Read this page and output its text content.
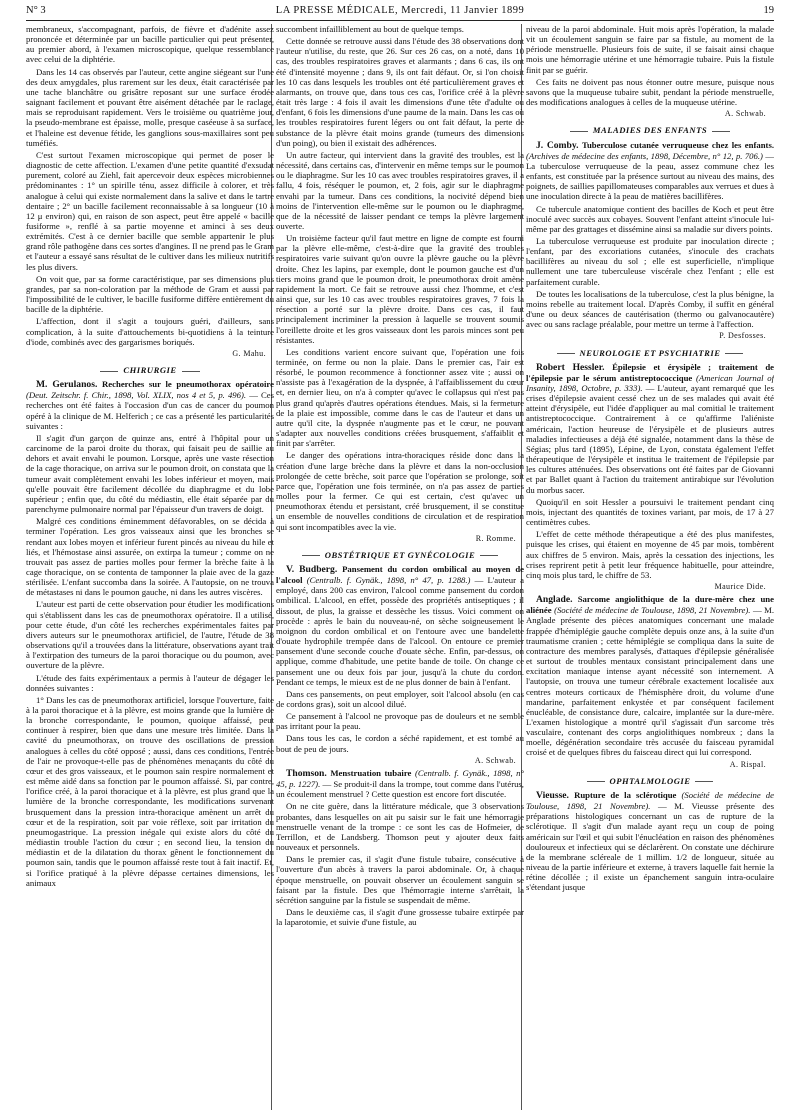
N° 3	LA PRESSE MÉDICALE, Mercredi, 11 Janvier 1899	19

membraneux, s'accompagnant, parfois, de fièvre et d'adénite assez prononcée et déterminée par un bacille particulier qui peut présenter, au premier abord, à l'examen microscopique, quelque ressemblance avec celui de la diphtérie.

Dans les 14 cas observés par l'auteur, cette angine siégeant sur l'une des deux amygdales, plus rarement sur les deux, était caractérisée par une tache blanchâtre ou grisâtre reposant sur une surface érodée saignant facilement et pouvant être aisément détachée par le raclage, mais se reproduisant rapidement. Vers le troisième ou quatrième jour, la pseudo-membrane est épaisse, molle, presque caséeuse à sa surface, et l'haleine est devenue fétide, les ganglions sous-maxillaires sont peu tuméfiés.

C'est surtout l'examen microscopique qui permet de poser le diagnostic de cette affection. L'examen d'une petite quantité d'exsudat purement, coloré au Ziehl, fait apercevoir deux espèces microbiennes prédominantes : 1° un spirille ténu, assez difficile à colorer, et très analogue à celui qui existe normalement dans la salive et dans le tartre dentaire ; 2° un bacille facilement reconnaissable à sa longueur (10 à 12 μ environ) qui, en raison de son aspect, peut être appelé « bacille fusiforme », renflé à sa partie moyenne et aminci à ses deux extrémités. C'est à ce dernier bacille que semble appartenir le plus grand rôle pathogène dans ces sortes d'angines. Il ne prend pas le Gram et l'auteur a essayé sans résultat de le cultiver dans les milieux nutritifs les plus divers.

On voit que, par sa forme caractéristique, par ses dimensions plus grandes, par sa non-coloration par la méthode de Gram et aussi par l'impossibilité de le cultiver, le bacille fusiforme diffère entièrement du bacille de la diphtérie.

L'affection, dont il s'agit a toujours guéri, d'ailleurs, sans complication, à la suite d'attouchements bi-quotidiens à la teinture d'iode, combinés avec des gargarismes boriqués.

G. Mahu.
CHIRURGIE

M. Gerulanos. Recherches sur le pneumothorax opératoire (Deut. Zeitschr. f. Chir., 1898, Vol. XLIX, nos 4 et 5, p. 496). — Ces recherches ont été faites à l'occasion d'un cas de cancer du poumon opéré à la clinique de M. Helferich ; ce cas a présenté les particularités suivantes :

Il s'agit d'un garçon de quinze ans, entré à l'hôpital pour un carcinome de la paroi droite du thorax, qui faisait peu de saillie au dehors et avait envahi le poumon. Lorsque, après une vaste résection de la cage thoracique, on arriva sur le poumon droit, on constata que la tumeur avait complètement envahi les lobes inférieur et moyen, mais qu'elle pouvait être facilement décollée du diaphragme et du lobe supérieur ; enfin que, du côté du médiastin, elle était séparée par du parenchyme pulmonaire normal par l'épaisseur d'un travers de doigt.

Malgré ces conditions éminemment défavorables, on se décida à terminer l'opération. Les gros vaisseaux ainsi que les bronches se rendant aux lobes moyen et inférieur furent pincés au niveau du hile et liés, et l'hémostase ainsi assurée, on extirpa la tumeur ; comme on ne trouvait pas assez de parties molles pour fermer la brèche faite à la cage thoracique, on se contenta de tamponner la plaie avec de la gaze stérilisée. L'enfant succomba dans la soirée. A l'autopsie, on ne trouva de métastases ni dans le poumon gauche, ni dans les autres viscères.

L'auteur est parti de cette observation pour étudier les modifications qui s'établissent dans les cas de pneumothorax opératoire. Il a utilisé, pour cette étude, d'un côté les recherches expérimentales faites par divers auteurs sur le pneumothorax artificiel, de l'autre, l'étude de 38 observations qu'il a trouvées dans la littérature, observations ayant trait à l'extirpation des tumeurs de la paroi thoracique ou du poumon, avec ouverture de la plèvre.

L'étude des faits expérimentaux a permis à l'auteur de dégager les données suivantes :

1° Dans les cas de pneumothorax artificiel, lorsque l'ouverture, faite à la paroi thoracique et à la plèvre, est moins grande que la lumière de la bronche correspondante, le poumon, quoique affaissé, peut continuer à respirer, bien que dans une mesure très limitée. Dans la cavité du pneumothorax, on trouve des oscillations de pression analogues à celles du côté opposé ; aussi, dans ces conditions, l'entrée de l'air ne provoque-t-elle pas de phénomènes menaçants du côté du cœur et des gros vaisseaux, et le poumon sain respire normalement et est même aidé dans sa fonction par le poumon affaissé. Si, par contre, l'orifice créé, à la paroi thoracique et à la plèvre, est plus grand que la lumière de la bronche correspondante, les modifications survenant brusquement dans la pression intra-thoracique amènent un arrêt du cœur et de la respiration, soit par voie réflexe, soit par irritation du pneumogastrique. La pression inégale qui existe alors du côté du médiastin trouble l'action du cœur ; en second lieu, la tension du médiastin et de la dilatation du thorax gênent le fonctionnement du poumon sain, tandis que le poumon affaissé reste tout à fait inactif. Et, si l'orifice pratiqué à la plèvre dépasse certaines dimensions, les animaux

succombent infailliblement au bout de quelque temps.

Cette donnée se retrouve aussi dans l'étude des 38 observations dont l'auteur n'utilise, du reste, que 26. Sur ces 26 cas, on a noté, dans 10 cas, des troubles respiratoires graves et alarmants ; dans 6 cas, ils ont été d'intensité moyenne ; dans 9, ils ont fait défaut. Or, si l'on choisit les 10 cas dans lesquels les troubles ont été particulièrement graves et alarmants, on trouve que, dans tous ces cas, l'orifice créé à la plèvre était très large : 4 fois il avait les dimensions d'une tête d'adulte ou d'enfant, 6 fois les dimensions d'une paume de la main. Dans les cas où les troubles respiratoires furent légers ou ont fait défaut, la perte de substance de la plèvre était moins grande (tumeurs des dimensions d'un poing), ou bien il existait des adhérences.

Un autre facteur, qui intervient dans la gravité des troubles, est la nécessité, dans certains cas, d'intervenir en même temps sur le poumon ou le diaphragme. Sur les 10 cas avec troubles respiratoires graves, il a fallu, 4 fois, réséquer le poumon, et, 2 fois, agir sur le diaphragme envahi par la tumeur. Dans ces conditions, la nocivité dépend bien moins de l'intervention elle-même sur le poumon ou le diaphragme, que de la nécessité de laisser pendant ce temps la plèvre largement ouverte.

Un troisième facteur qu'il faut mettre en ligne de compte est fourni par la plèvre elle-même, c'est-à-dire que la gravité des troubles respiratoires varie suivant qu'on ouvre la plèvre gauche ou la plèvre droite. Chez les lapins, par exemple, dont le poumon gauche est d'un tiers moins grand que le poumon droit, le pneumothorax droit amène rapidement la mort. Ce fait se retrouve aussi chez l'homme, et c'est ainsi que, sur les 10 cas avec troubles respiratoires graves, 7 fois la résection a porté sur la plèvre droite. Dans ces cas, il faut principalement incriminer la pression à laquelle se trouvent soumis l'oreillette droite et les gros vaisseaux dont les parois minces sont peu résistantes.

Les conditions varient encore suivant que, l'opération une fois terminée, on ferme ou non la plaie. Dans le premier cas, l'air est résorbé, le poumon recommence à fonctionner assez vite ; aussi on n'assiste pas à l'exagération de la dyspnée, à l'affaiblissement du cœur et, en dernier lieu, on n'a à compter qu'avec le collapsus qui n'est pas plus grand qu'après d'autres opérations étendues. Mais, si la fermeture de la plaie est impossible, comme dans le cas de l'auteur et dans un autre qu'il cite, la dyspnée n'augmente pas et le cœur, ne pouvant s'adapter aux nouvelles conditions créées brusquement, s'affaiblit et finit par s'arrêter.

Le danger des opérations intra-thoraciques réside donc dans la création d'une large brèche dans la plèvre et dans la non-occlusion prolongée de cette brèche, soit parce que l'opération se prolonge, soit parce que, l'opération une fois terminée, on n'a pas assez de parties molles pour la fermer. Ce qui est certain, c'est qu'avec un pneumothorax étendu et persistant, créé brusquement, il se constitue un ensemble de nouvelles conditions de circulation et de respiration qui sont incompatibles avec la vie.

R. Romme.
OBSTÉTRIQUE ET GYNÉCOLOGIE

V. Budberg. Pansement du cordon ombilical au moyen de l'alcool (Centralb. f. Gynäk., 1898, n° 47, p. 1288.) — L'auteur a employé, dans 200 cas environ, l'alcool comme pansement du cordon ombilical. L'alcool, en effet, possède des propriétés antiseptiques ; il dissout, de plus, la graisse et dessèche les tissus. Voici comment on procède : après le bain du nouveau-né, on sèche soigneusement le moignon du cordon ombilical et on l'entoure avec une bandelette d'ouate hydrophile trempée dans de l'alcool. On entoure ce premier pansement d'une seconde couche d'ouate sèche. Enfin, par-dessus, on applique, comme d'habitude, une petite bande de toile. On change ce pansement une ou deux fois par jour, jusqu'à la chute du cordon. Pendant ce temps, le mieux est de ne plus donner de bain à l'enfant.

Dans ces pansements, on peut employer, soit l'alcool absolu (en cas de cordons gras), soit un alcool dilué.

Ce pansement à l'alcool ne provoque pas de douleurs et ne semble pas irritant pour la peau.

Dans tous les cas, le cordon a séché rapidement, et est tombé au bout de peu de jours.

A. Schwab.

Thomson. Menstruation tubaire (Centralb. f. Gynäk., 1898, n° 45, p. 1227). — Se produit-il dans la trompe, tout comme dans l'utérus, un écoulement menstruel ? Cette question est encore fort discutée.

On ne cite guère, dans la littérature médicale, que 3 observations probantes, dans lesquelles on ait pu saisir sur le fait une hémorragie menstruelle venant de la trompe : ce sont les cas de Hofmeier, de Terrillon, et de Landsberg. Thomson peut y ajouter deux faits nouveaux et personnels.

Dans le premier cas, il s'agit d'une fistule tubaire, consécutive à l'ouverture d'un abcès à travers la paroi abdominale. Or, à chaque époque menstruelle, on pouvait observer un écoulement sanguin se faisant par la fistule. Des que l'hémorragie interne s'arrêtait, la sécrétion sanguine par la fistule se suspendait de même.

Dans le deuxième cas, il s'agit d'une grossesse tubaire extirpée par la laparotomie, et suivie d'une fistule, au

niveau de la paroi abdominale. Huit mois après l'opération, la malade vit un écoulement sanguin se faire par sa fistule, au moment de la période menstruelle. Plusieurs fois de suite, il se faisait ainsi chaque mois une hémorragie utérine et une hémorragie tubaire. Puis la fistule finit par se guérir.

Ces faits ne doivent pas nous étonner outre mesure, puisque nous savons que la muqueuse tubaire subit, pendant la période menstruelle, des modifications analogues à celles de la muqueuse utérine.

A. Schwab.
MALADIES DES ENFANTS

J. Comby. Tuberculose cutanée verruqueuse chez les enfants. (Archives de médecine des enfants, 1898, Décembre, n° 12, p. 706.) — La tuberculose verruqueuse de la peau, assez commune chez les enfants, est constituée par la présence surtout au niveau des mains, des poignets, de saillies papillomateuses comparables aux verrues et dues à une inoculation directe à la peau de matières bacillifères.

Ce tubercule anatomique contient des bacilles de Koch et peut être inoculé avec succès aux cobayes. Souvent l'enfant atteint s'inocule lui-même par des grattages et dissémine ainsi sa maladie sur divers points.

La tuberculose verruqueuse est produite par inoculation directe ; l'enfant, par des excoriations cutanées, s'inocule des crachats bacillifères au niveau du sol ; elle est superficielle, n'implique nullement une tare tuberculeuse viscérale chez l'enfant ; elle est parfaitement curable.

De toutes les localisations de la tuberculose, c'est la plus bénigne, la moins rebelle au traitement local. D'après Comby, il suffit en général d'une ou deux séances de cautérisation (thermo ou galvanocautère) avec ou sans raclage préalable, pour mettre un terme à l'affection.

P. Desfosses.
NEUROLOGIE ET PSYCHIATRIE

Robert Hessler. Épilepsie et érysipèle ; traitement de l'épilepsie par le sérum antistreptococcique (American Journal of Insanity, 1898, Octobre, p. 333). — L'auteur, ayant remarqué que les crises d'épilepsie avaient cessé chez un de ses malades qui avait été atteint d'érysipèle, eut l'idée d'appliquer au mal comitial le traitement antistreptococcique. Contrairement à ce qu'affirme l'aliéniste américain, l'action heureuse de l'érysipèle et de plusieurs autres maladies infectieuses a déjà été signalée, notamment dans la thèse de Ségias; plus tard (1895), Lépine, de Lyon, constata également l'effet thérapeutique de l'érysipèle et institua le traitement de l'épilepsie par les cultures atténuées. Des observations ont été faites par de Giovanni et par Ballet quant à l'action du traitement antirabique sur l'évolution du morbus sacer.

Quoiqu'il en soit Hessler a poursuivi le traitement pendant cinq mois, injectant des quantités de toxines variant, par mois, de 17 à 27 centimètres cubes.

L'effet de cette méthode thérapeutique a été des plus manifestes, puisque les crises, qui étaient en moyenne de 45 par mois, tombèrent aux chiffres de 5 environ. Mais, après la cessation des injections, les crises reprirent petit à petit leur fréquence habituelle, pour atteindre, cinq mois plus tard, le chiffre de 53.

Maurice Dide.

Anglade. Sarcome angiolithique de la dure-mère chez une aliénée (Société de médecine de Toulouse, 1898, 21 Novembre). — M. Anglade présente des pièces anatomiques concernant une malade frappée d'hémiplégie gauche complète depuis onze ans, à la suite d'un traumatisme cranien ; cette hémiplégie se compliqua dans la suite de contracture des membres paralysés, d'attaques d'épilepsie généralisée et surtout de troubles mentaux consistant principalement dans une excitation maniaque intense ayant nécessité son internement. A l'autopsie, on trouva une tumeur cérébrale exactement localisée aux centres moteurs corticaux de l'hémisphère droit, du volume d'une mandarine, parfaitement enkystée et par conséquent facilement énucléable, de consistance dure, calcaire, implantée sur la dure-mère. L'examen histologique a montré qu'il s'agissait d'un sarcome très vasculaire, contenant des corps angiolithiques nombreux ; dans la moelle, dégénération secondaire très accusée du faisceau pyramidal croisé et de quelques fibres du faisceau direct qui lui correspond.

A. Rispal.
OPHTALMOLOGIE

Vieusse. Rupture de la sclérotique (Société de médecine de Toulouse, 1898, 21 Novembre). — M. Vieusse présente des préparations histologiques concernant un cas de rupture de la sclérotique. Il s'agit d'un malade ayant reçu un coup de poing américain sur l'œil et qui subit l'énucléation en raison des phénomènes douloureux et infectieux qui se déclarèrent. On constate une déchirure de la membrane scléreale de 1 millim. 1/2 de longueur, située au niveau de la partie inférieure et externe, à travers laquelle fait hernie la rétine décollée ; il existe un épanchement sanguin intra-oculaire s'étendant jusque
